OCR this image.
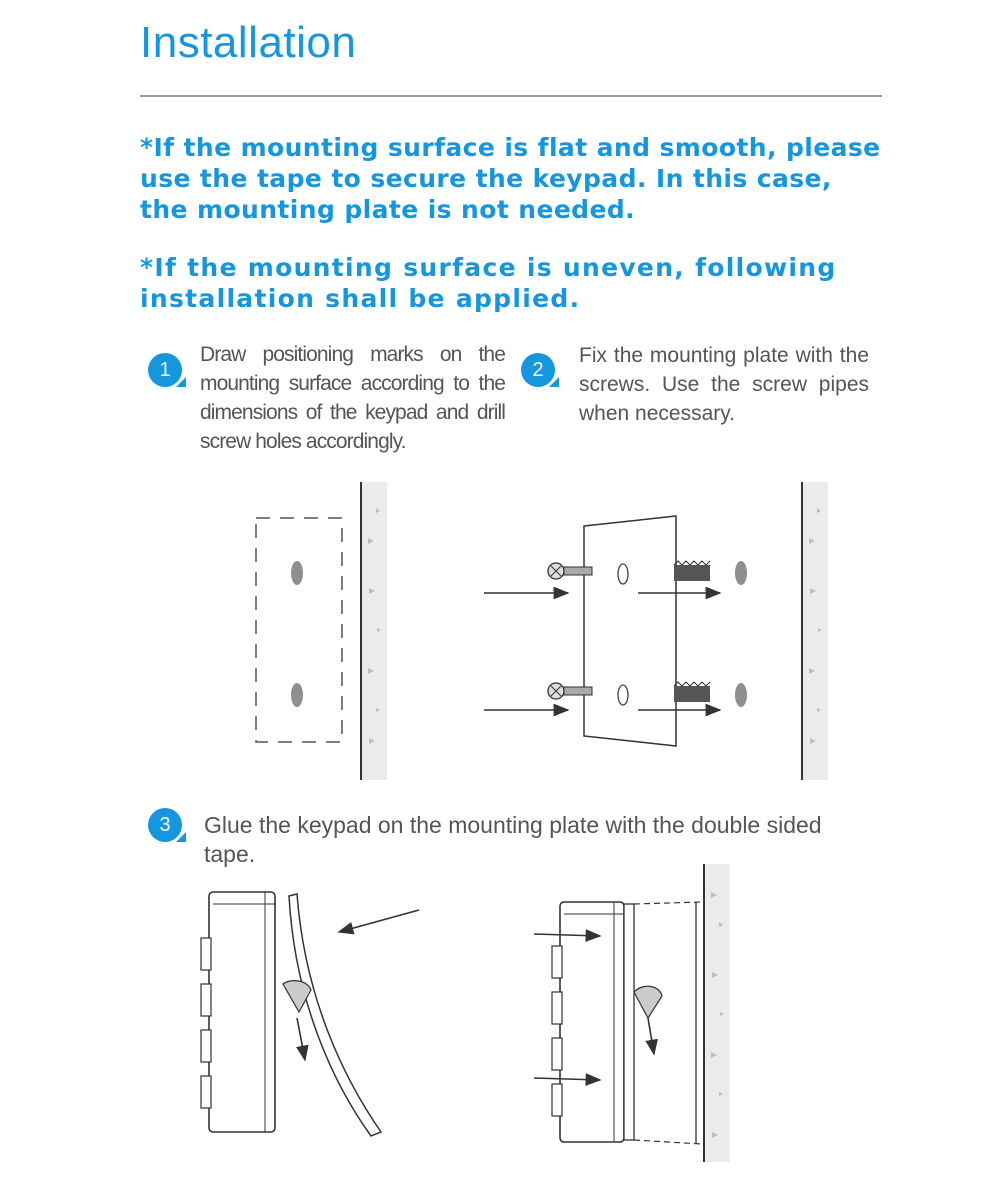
Installation

*If the mounting surface is flat and smooth, please use the tape to secure the keypad. In this case, the mounting plate is not needed.

*If the mounting surface is uneven, following installation shall be applied.

1

Draw positioning marks on the mounting surface according to the dimensions of the keypad and drill screw holes accordingly.

2

Fix the mounting plate with the screws. Use the screw pipes when necessary.

3	Glue the keypad on the mounting plate with the double sided tape.
